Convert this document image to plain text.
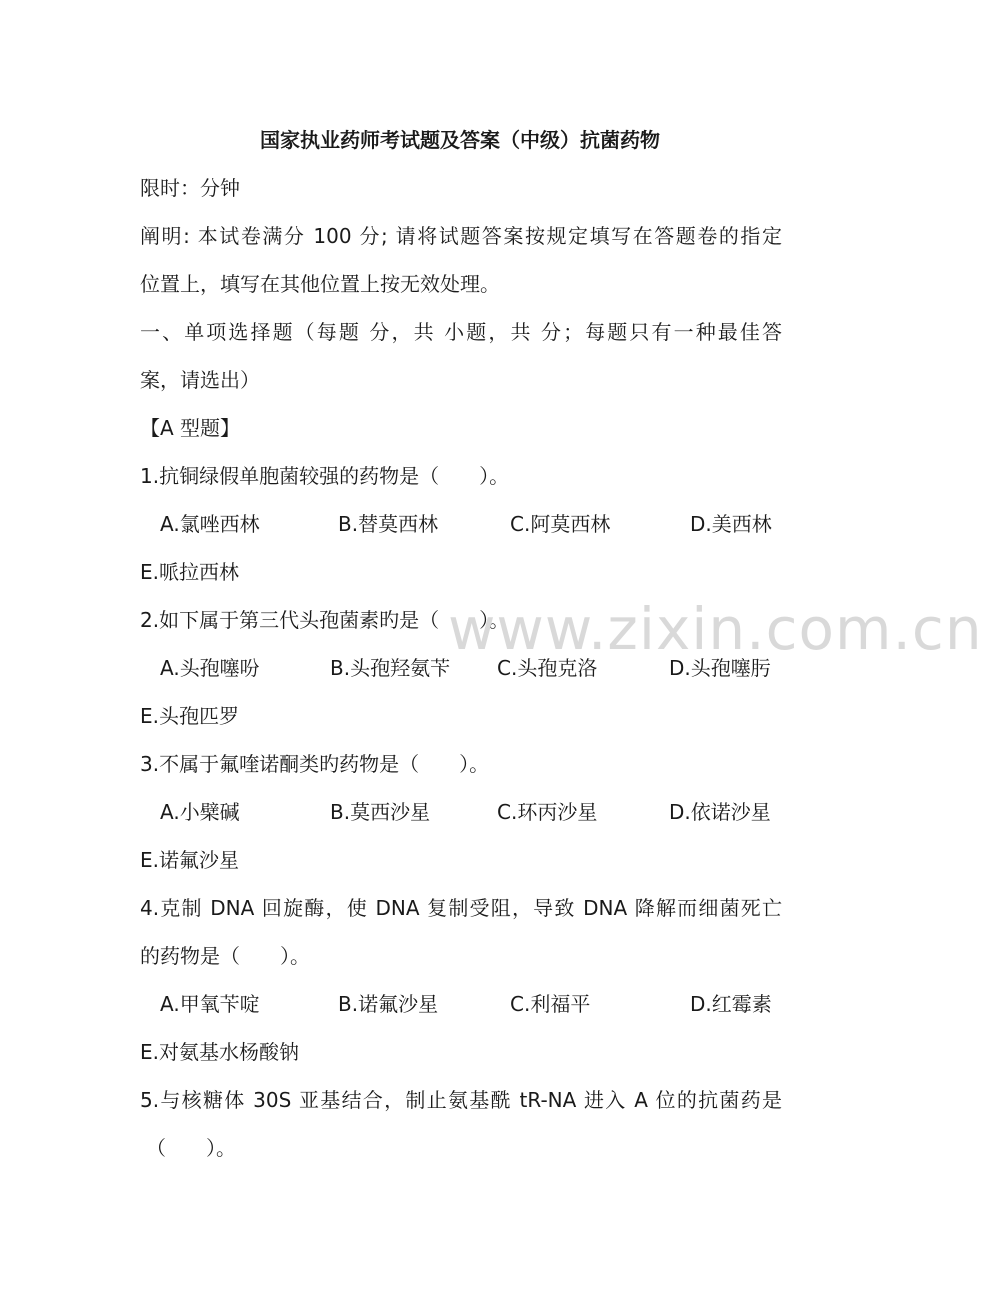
国家执业药师考试题及答案（中级）抗菌药物
限时：分钟
阐明: 本试卷满分 100 分; 请将试题答案按规定填写在答题卷的指定
位置上，填写在其他位置上按无效处理。
一、单项选择题（每题 分，共 小题，共 分；每题只有一种最佳答
案，请选出）
【A 型题】
1.抗铜绿假单胞菌较强的药物是（　　）。
A.氯唑西林	B.替莫西林	C.阿莫西林	D.美西林
E.哌拉西林
2.如下属于第三代头孢菌素旳是（　　）。
A.头孢噻吩	B.头孢羟氨苄 C.头孢克洛	D.头孢噻肟
E.头孢匹罗
3.不属于氟喹诺酮类旳药物是（　　）。
A.小檗碱	B.莫西沙星	C.环丙沙星	D.依诺沙星
E.诺氟沙星
4.克制 DNA 回旋酶，使 DNA 复制受阻，导致 DNA 降解而细菌死亡
的药物是（　　）。
A.甲氧苄啶	B.诺氟沙星	C.利福平	D.红霉素
E.对氨基水杨酸钠
5.与核糖体 30S 亚基结合，制止氨基酰 tR-NA 进入 A 位的抗菌药是
（　　）。
www.zixin.com.cn
